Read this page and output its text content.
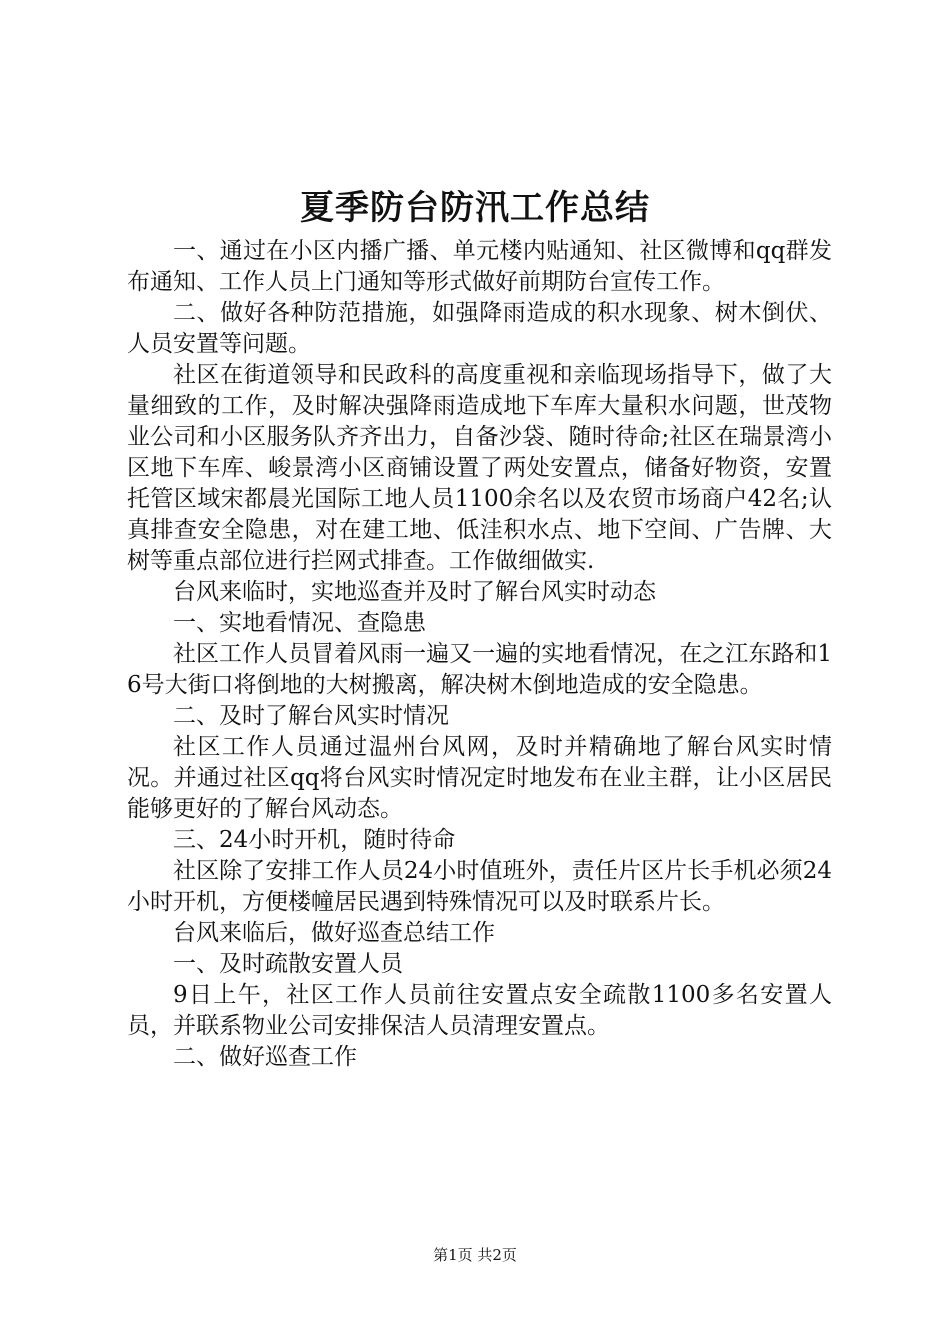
夏季防台防汛工作总结

一、通过在小区内播广播、单元楼内贴通知、社区微博和qq群发布通知、工作人员上门通知等形式做好前期防台宣传工作。

二、做好各种防范措施，如强降雨造成的积水现象、树木倒伏、人员安置等问题。

社区在街道领导和民政科的高度重视和亲临现场指导下，做了大量细致的工作，及时解决强降雨造成地下车库大量积水问题，世茂物业公司和小区服务队齐齐出力，自备沙袋、随时待命;社区在瑞景湾小区地下车库、峻景湾小区商铺设置了两处安置点，储备好物资，安置托管区域宋都晨光国际工地人员1100余名以及农贸市场商户42名;认真排查安全隐患，对在建工地、低洼积水点、地下空间、广告牌、大树等重点部位进行拦网式排查。工作做细做实.

台风来临时，实地巡查并及时了解台风实时动态

一、实地看情况、查隐患

社区工作人员冒着风雨一遍又一遍的实地看情况，在之江东路和16号大街口将倒地的大树搬离，解决树木倒地造成的安全隐患。

二、及时了解台风实时情况

社区工作人员通过温州台风网，及时并精确地了解台风实时情况。并通过社区qq将台风实时情况定时地发布在业主群，让小区居民能够更好的了解台风动态。

三、24小时开机，随时待命

社区除了安排工作人员24小时值班外，责任片区片长手机必须24小时开机，方便楼幢居民遇到特殊情况可以及时联系片长。

台风来临后，做好巡查总结工作

一、及时疏散安置人员

9日上午，社区工作人员前往安置点安全疏散1100多名安置人员，并联系物业公司安排保洁人员清理安置点。

二、做好巡查工作

第1页 共2页
